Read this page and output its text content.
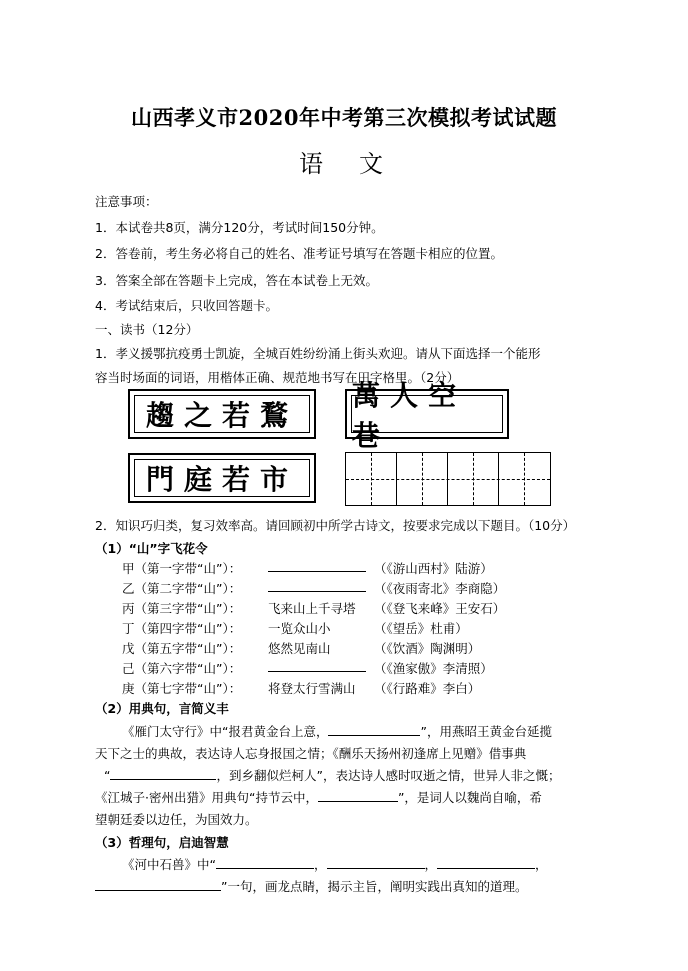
山西孝义市2020年中考第三次模拟考试试题
语　文
注意事项：
1．本试卷共8页，满分120分，考试时间150分钟。
2．答卷前，考生务必将自己的姓名、准考证号填写在答题卡相应的位置。
3．答案全部在答题卡上完成，答在本试卷上无效。
4．考试结束后，只收回答题卡。
一、读书（12分）
1．孝义援鄂抗疫勇士凯旋，全城百姓纷纷涌上街头欢迎。请从下面选择一个能形
容当时场面的词语，用楷体正确、规范地书写在田字格里。（2分）
趨之若鶩
萬人空巷
門庭若市
2．知识巧归类，复习效率高。请回顾初中所学古诗文，按要求完成以下题目。（10分）
（1）“山”字飞花令
甲（第一字带“山”）：	（《游山西村》陆游）
乙（第二字带“山”）：	（《夜雨寄北》李商隐）
丙（第三字带“山”）： 飞来山上千寻塔 （《登飞来峰》王安石）
丁（第四字带“山”）： 一览众山小	（《望岳》杜甫）
戊（第五字带“山”）： 悠然见南山	（《饮酒》陶渊明）
己（第六字带“山”）：	（《渔家傲》李清照）
庚（第七字带“山”）： 将登太行雪满山 （《行路难》李白）
（2）用典句，言简义丰
《雁门太守行》中“报君黄金台上意，	”，用燕昭王黄金台延揽
天下之士的典故，表达诗人忘身报国之情；《酬乐天扬州初逢席上见赠》借事典
“	，到乡翻似烂柯人”，表达诗人感时叹逝之情，世异人非之慨；
《江城子·密州出猎》用典句“持节云中，	”，是词人以魏尚自喻，希
望朝廷委以边任，为国效力。
（3）哲理句，启迪智慧
《河中石兽》中“	，	，	，
”一句，画龙点睛，揭示主旨，阐明实践出真知的道理。
